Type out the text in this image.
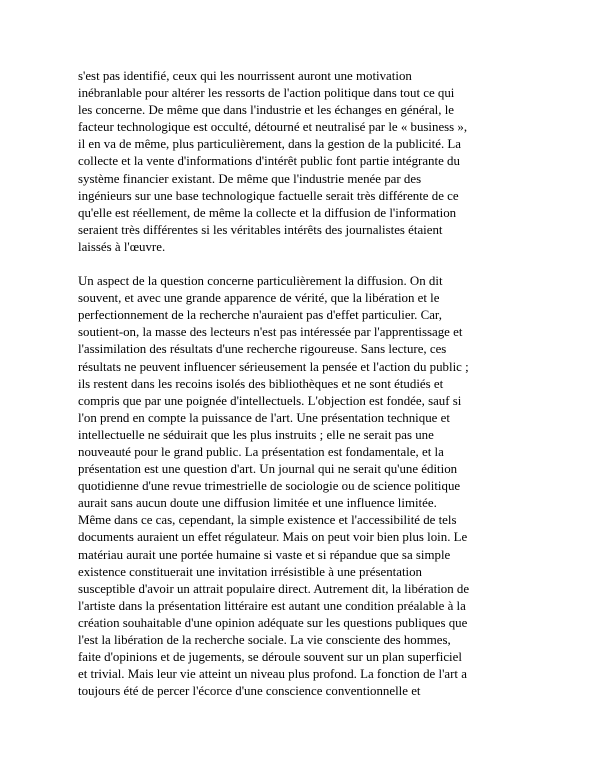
s'est pas identifié, ceux qui les nourrissent auront une motivation
inébranlable pour altérer les ressorts de l'action politique dans tout ce qui
les concerne. De même que dans l'industrie et les échanges en général, le
facteur technologique est occulté, détourné et neutralisé par le « business »,
il en va de même, plus particulièrement, dans la gestion de la publicité. La
collecte et la vente d'informations d'intérêt public font partie intégrante du
système financier existant. De même que l'industrie menée par des
ingénieurs sur une base technologique factuelle serait très différente de ce
qu'elle est réellement, de même la collecte et la diffusion de l'information
seraient très différentes si les véritables intérêts des journalistes étaient
laissés à l'œuvre.

Un aspect de la question concerne particulièrement la diffusion. On dit
souvent, et avec une grande apparence de vérité, que la libération et le
perfectionnement de la recherche n'auraient pas d'effet particulier. Car,
soutient-on, la masse des lecteurs n'est pas intéressée par l'apprentissage et
l'assimilation des résultats d'une recherche rigoureuse. Sans lecture, ces
résultats ne peuvent influencer sérieusement la pensée et l'action du public ;
ils restent dans les recoins isolés des bibliothèques et ne sont étudiés et
compris que par une poignée d'intellectuels. L'objection est fondée, sauf si
l'on prend en compte la puissance de l'art. Une présentation technique et
intellectuelle ne séduirait que les plus instruits ; elle ne serait pas une
nouveauté pour le grand public. La présentation est fondamentale, et la
présentation est une question d'art. Un journal qui ne serait qu'une édition
quotidienne d'une revue trimestrielle de sociologie ou de science politique
aurait sans aucun doute une diffusion limitée et une influence limitée.
Même dans ce cas, cependant, la simple existence et l'accessibilité de tels
documents auraient un effet régulateur. Mais on peut voir bien plus loin. Le
matériau aurait une portée humaine si vaste et si répandue que sa simple
existence constituerait une invitation irrésistible à une présentation
susceptible d'avoir un attrait populaire direct. Autrement dit, la libération de
l'artiste dans la présentation littéraire est autant une condition préalable à la
création souhaitable d'une opinion adéquate sur les questions publiques que
l'est la libération de la recherche sociale. La vie consciente des hommes,
faite d'opinions et de jugements, se déroule souvent sur un plan superficiel
et trivial. Mais leur vie atteint un niveau plus profond. La fonction de l'art a
toujours été de percer l'écorce d'une conscience conventionnelle et
